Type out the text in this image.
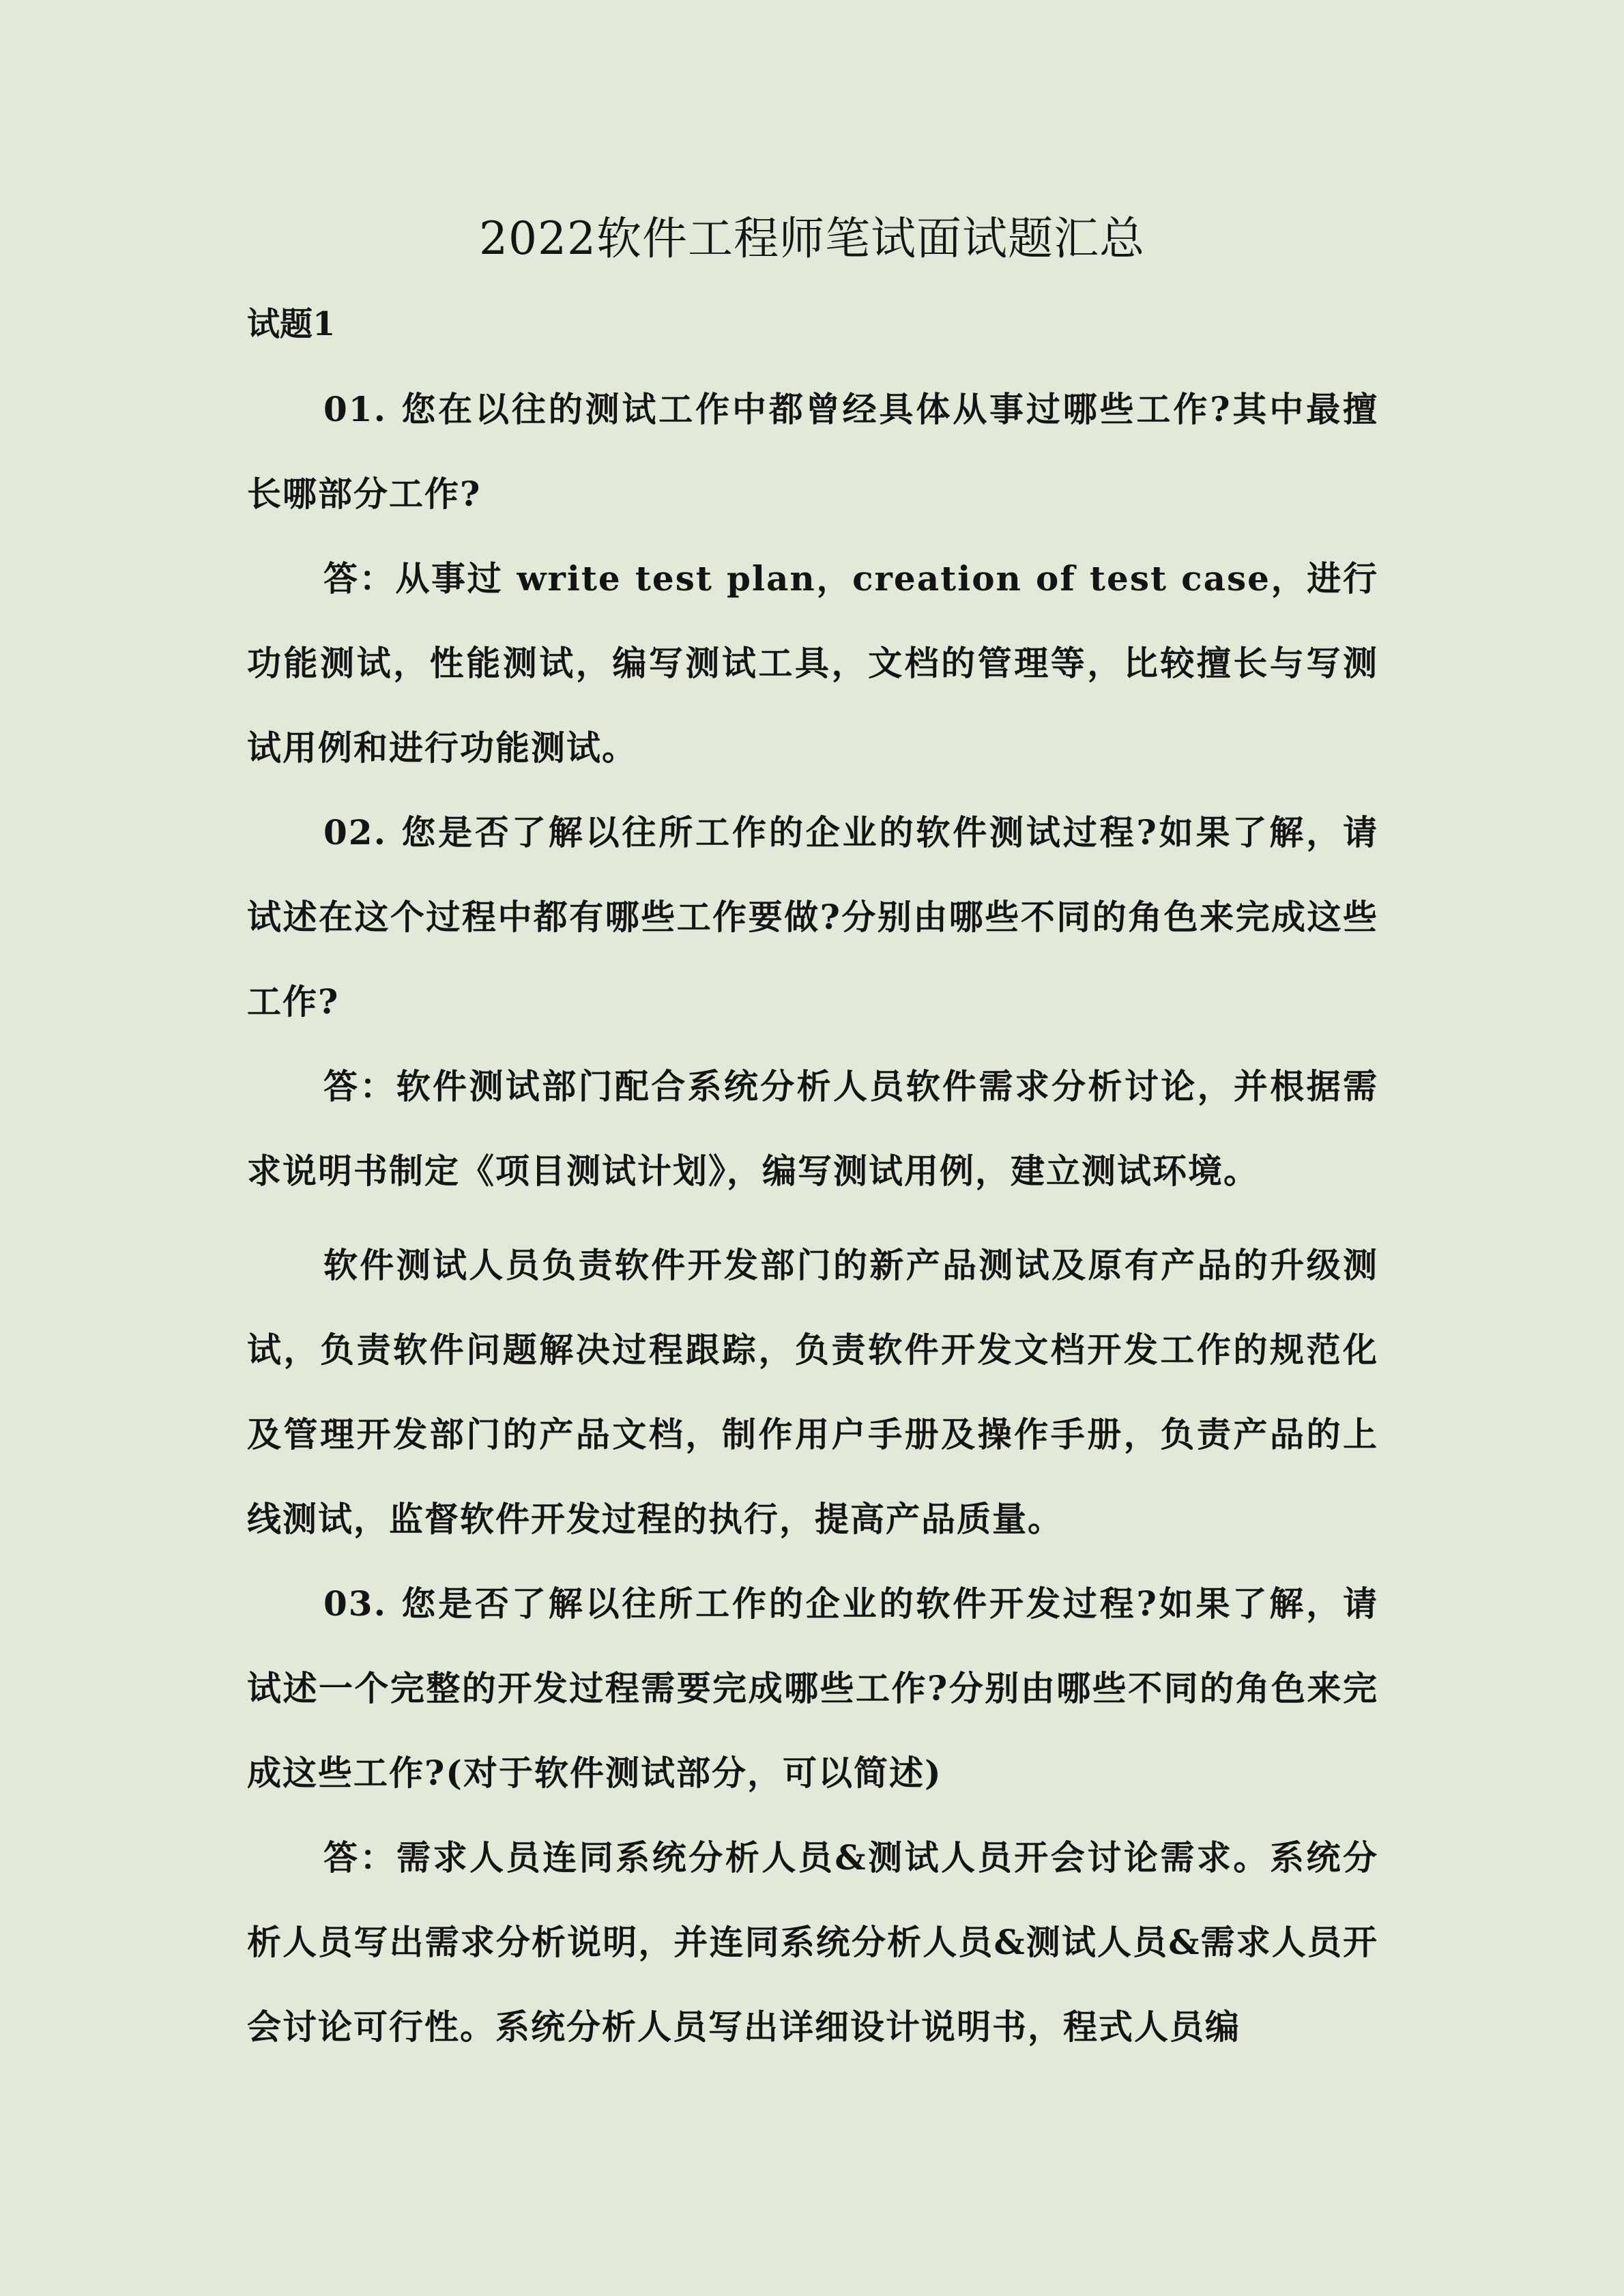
2022软件工程师笔试面试题汇总
试题1
01. 您在以往的测试工作中都曾经具体从事过哪些工作?其中最擅长哪部分工作?
答：从事过 write test plan，creation of test case，进行功能测试，性能测试，编写测试工具，文档的管理等，比较擅长与写测试用例和进行功能测试。
02. 您是否了解以往所工作的企业的软件测试过程?如果了解，请试述在这个过程中都有哪些工作要做?分别由哪些不同的角色来完成这些工作?
答：软件测试部门配合系统分析人员软件需求分析讨论，并根据需求说明书制定《项目测试计划》，编写测试用例，建立测试环境。
软件测试人员负责软件开发部门的新产品测试及原有产品的升级测试，负责软件问题解决过程跟踪，负责软件开发文档开发工作的规范化及管理开发部门的产品文档，制作用户手册及操作手册，负责产品的上线测试，监督软件开发过程的执行，提高产品质量。
03. 您是否了解以往所工作的企业的软件开发过程?如果了解，请试述一个完整的开发过程需要完成哪些工作?分别由哪些不同的角色来完成这些工作?(对于软件测试部分，可以简述)
答：需求人员连同系统分析人员&测试人员开会讨论需求。系统分析人员写出需求分析说明，并连同系统分析人员&测试人员&需求人员开会讨论可行性。系统分析人员写出详细设计说明书，程式人员编
